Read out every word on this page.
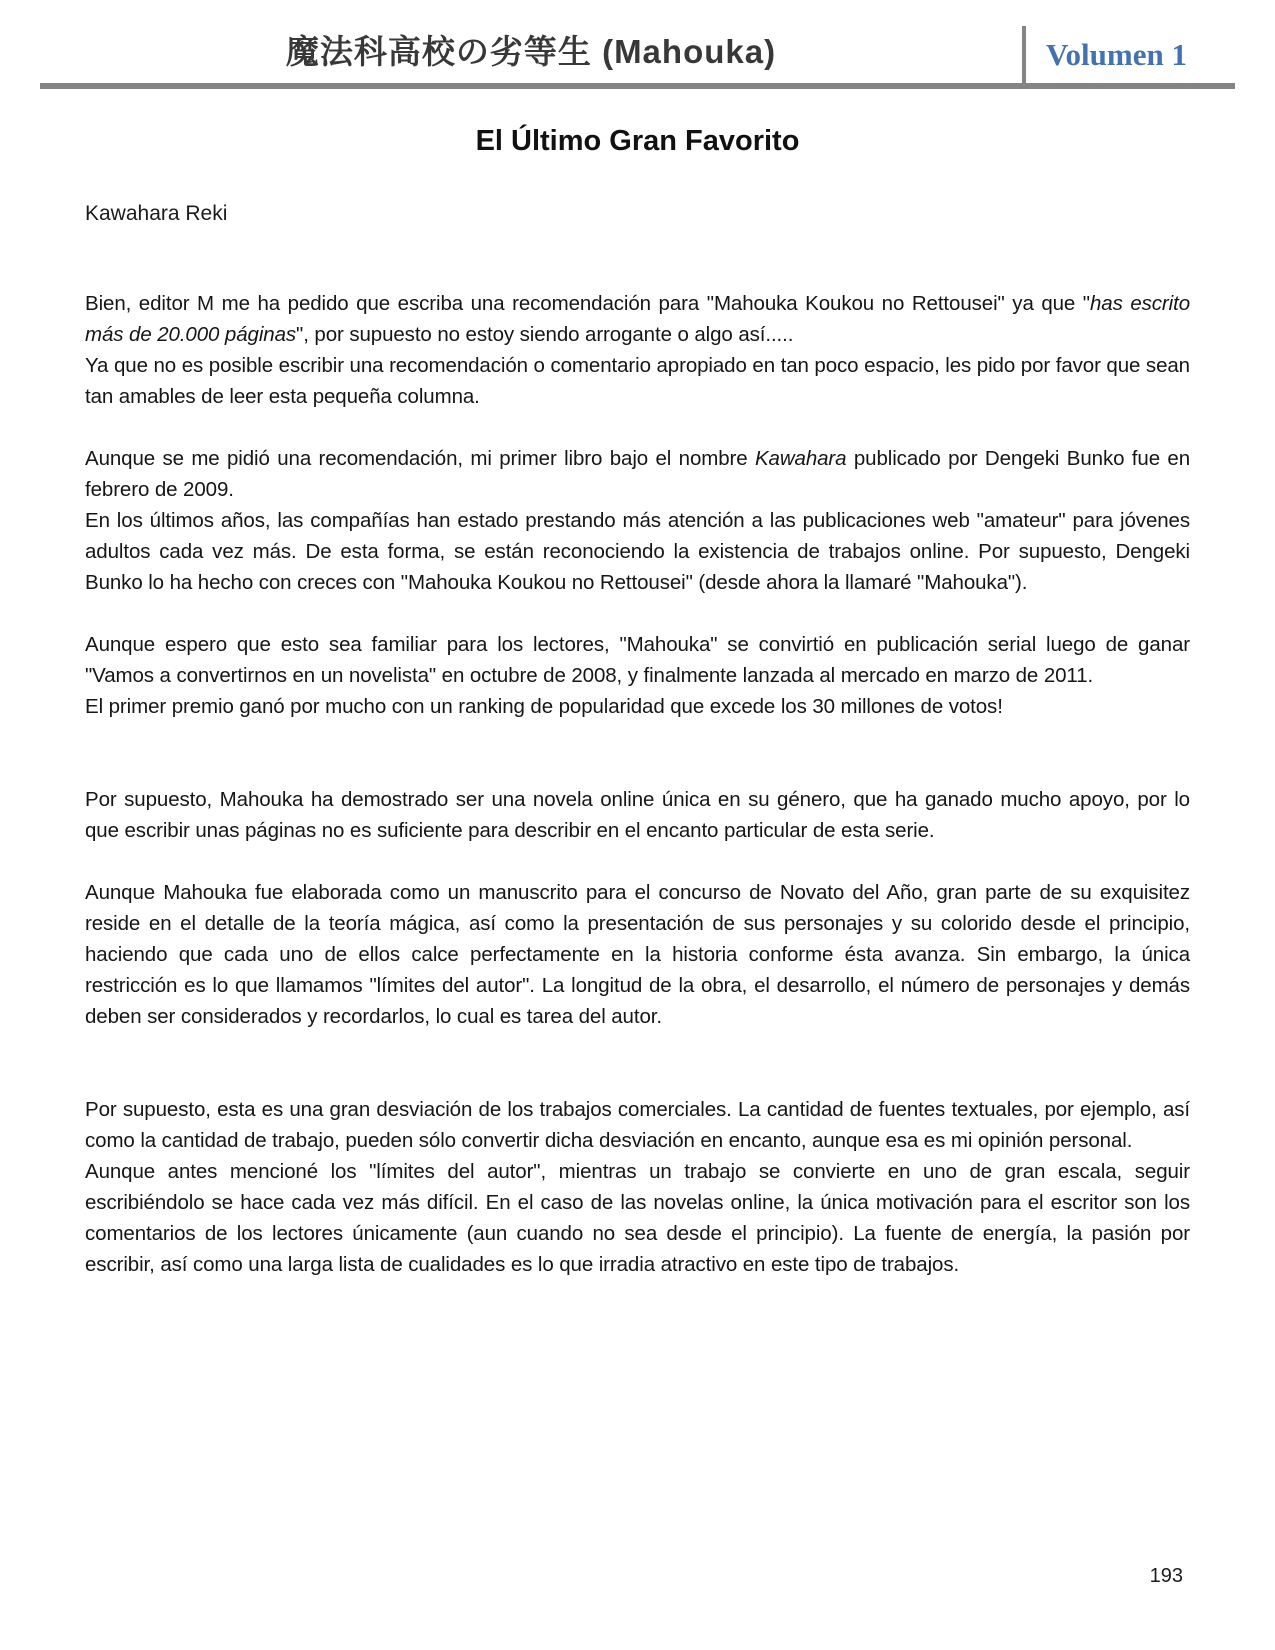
魔法科高校の劣等生 (Mahouka)	Volumen 1
El Último Gran Favorito
Kawahara Reki

Bien, editor M me ha pedido que escriba una recomendación para "Mahouka Koukou no Rettousei" ya que "has escrito más de 20.000 páginas", por supuesto no estoy siendo arrogante o algo así.....
Ya que no es posible escribir una recomendación o comentario apropiado en tan poco espacio, les pido por favor que sean tan amables de leer esta pequeña columna.

Aunque se me pidió una recomendación, mi primer libro bajo el nombre Kawahara publicado por Dengeki Bunko fue en febrero de 2009.
En los últimos años, las compañías han estado prestando más atención a las publicaciones web "amateur" para jóvenes adultos cada vez más. De esta forma, se están reconociendo la existencia de trabajos online. Por supuesto, Dengeki Bunko lo ha hecho con creces con "Mahouka Koukou no Rettousei" (desde ahora la llamaré "Mahouka").

Aunque espero que esto sea familiar para los lectores, "Mahouka" se convirtió en publicación serial luego de ganar "Vamos a convertirnos en un novelista" en octubre de 2008, y finalmente lanzada al mercado en marzo de 2011.
El primer premio ganó por mucho con un ranking de popularidad que excede los 30 millones de votos!

Por supuesto, Mahouka ha demostrado ser una novela online única en su género, que ha ganado mucho apoyo, por lo que escribir unas páginas no es suficiente para describir en el encanto particular de esta serie.

Aunque Mahouka fue elaborada como un manuscrito para el concurso de Novato del Año, gran parte de su exquisitez reside en el detalle de la teoría mágica, así como la presentación de sus personajes y su colorido desde el principio, haciendo que cada uno de ellos calce perfectamente en la historia conforme ésta avanza. Sin embargo, la única restricción es lo que llamamos "límites del autor". La longitud de la obra, el desarrollo, el número de personajes y demás deben ser considerados y recordarlos, lo cual es tarea del autor.

Por supuesto, esta es una gran desviación de los trabajos comerciales. La cantidad de fuentes textuales, por ejemplo, así como la cantidad de trabajo, pueden sólo convertir dicha desviación en encanto, aunque esa es mi opinión personal.
Aunque antes mencioné los "límites del autor", mientras un trabajo se convierte en uno de gran escala, seguir escribiéndolo se hace cada vez más difícil. En el caso de las novelas online, la única motivación para el escritor son los comentarios de los lectores únicamente (aun cuando no sea desde el principio). La fuente de energía, la pasión por escribir, así como una larga lista de cualidades es lo que irradia atractivo en este tipo de trabajos.

193
